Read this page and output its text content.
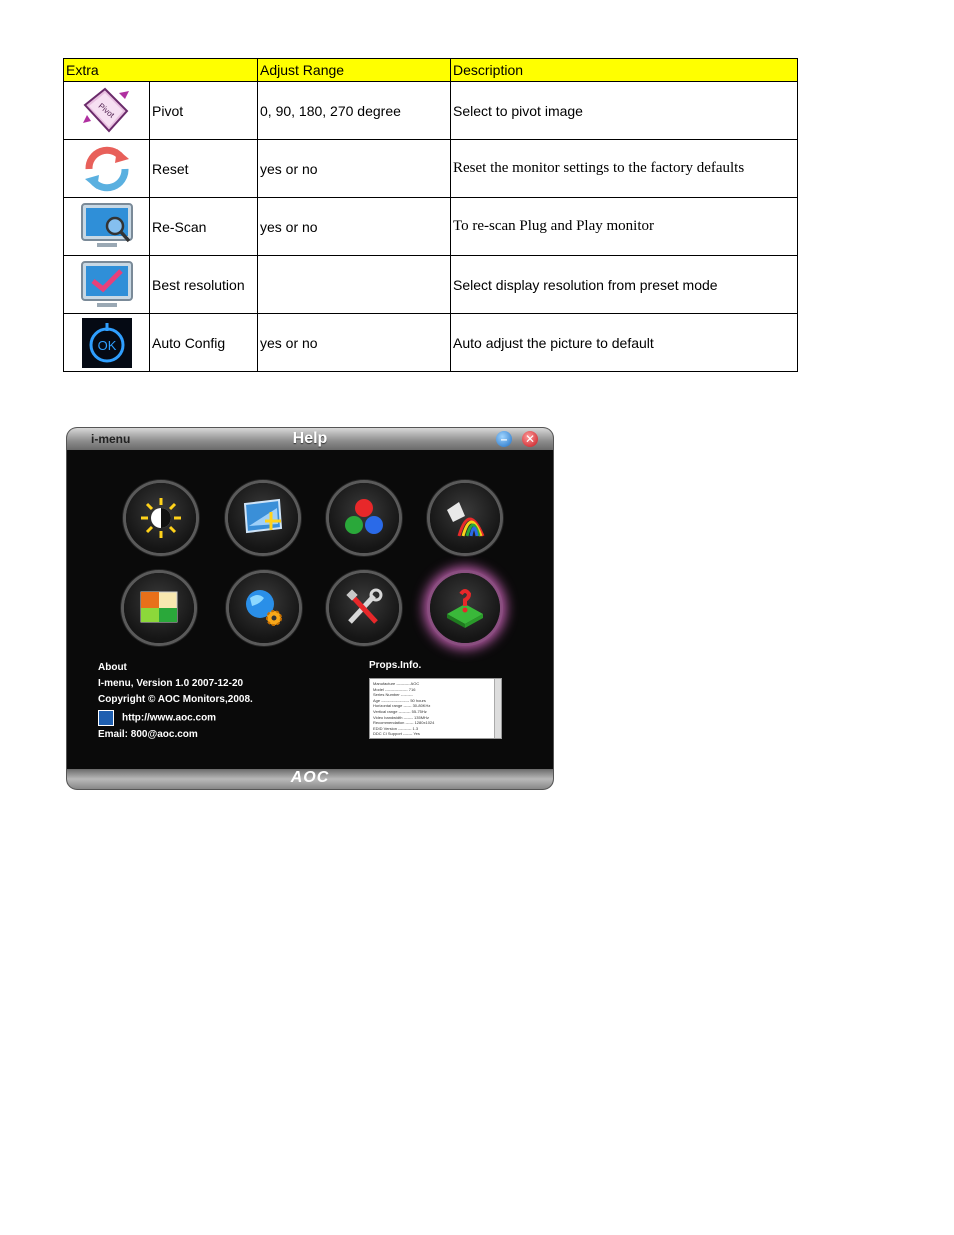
Extra		Adjust Range	Description

Pivot	Pivot	0, 90, 180, 270 degree	Select to pivot image

	Reset	yes or no	Reset the monitor settings to the factory defaults

	Re-Scan	yes or no	To re-scan Plug and Play monitor

	Best resolution		Select display resolution from preset mode

OK	Auto Config	yes or no	Auto adjust the picture to default
i-menu	Help	–	✕
About
I-menu, Version 1.0 2007-12-20
Copyright © AOC Monitors,2008.
http://www.aoc.com
Email: 800@aoc.com
Props.Info.
Manufacture ---------- AOC
Model ----------------- 716
Series Number ---------
Age --------------------- 50 hours
Horizontal range ------ 30-80KHz
Vertical range --------- 55-75Hz
Video bandwidth ------- 135MHz
Recommendation ------ 1280x1024
EDID Version ---------- 1.3
DDC CI Support ------- Yes
AOC
